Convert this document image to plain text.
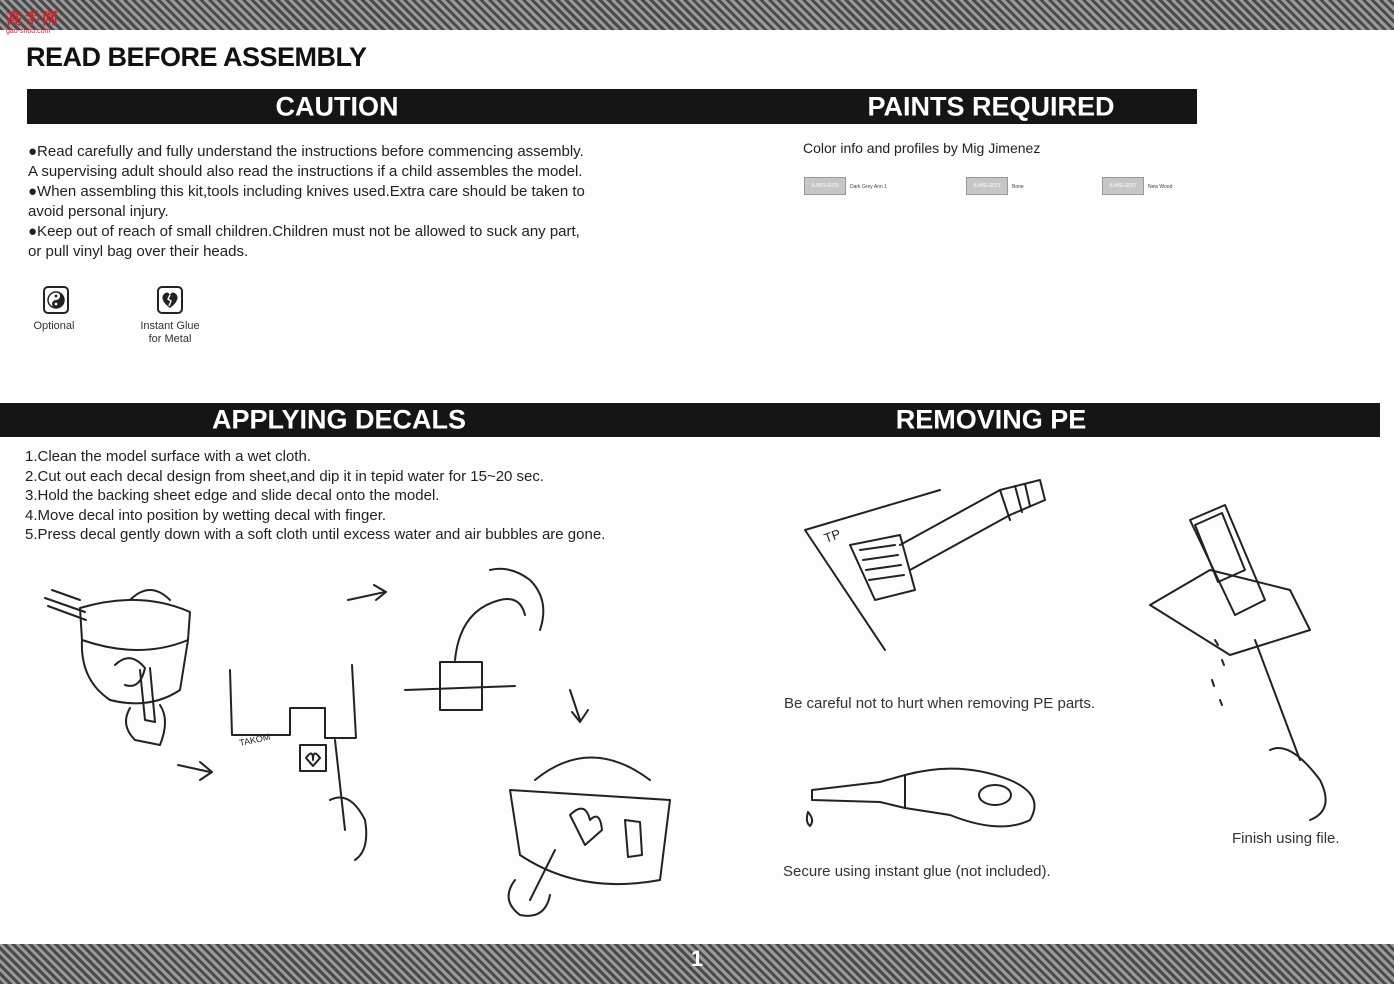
高手网
gao-shou.com
READ BEFORE ASSEMBLY
CAUTION

●Read carefully and fully understand the instructions before commencing assembly.

A supervising adult should also read the instructions if a child assembles the model.

●When assembling this kit,tools including knives used.Extra care should be taken to

avoid personal injury.

●Keep out of reach of small children.Children must not be allowed to suck any part,

or pull vinyl bag over their heads.

Optional	Instant Glue
for Metal
PAINTS REQUIRED
Color info and profiles by Mig Jimenez
A.MIG-0020	Dark Grey Ann 1	A.MIG-0023	Bone	A.MIG-0037	New Wood
APPLYING DECALS	REMOVING PE

1.Clean the model surface with a wet cloth.

2.Cut out each decal design from sheet,and dip it in tepid water for 15~20 sec.

3.Hold the backing sheet edge and slide decal onto the model.

4.Move decal into position by wetting decal with finger.

5.Press decal gently down with a soft cloth until excess water and air bubbles are gone.

TAKOM
TP
Be careful not to hurt when removing PE parts.
Secure using instant glue (not included).
Finish using file.
1
